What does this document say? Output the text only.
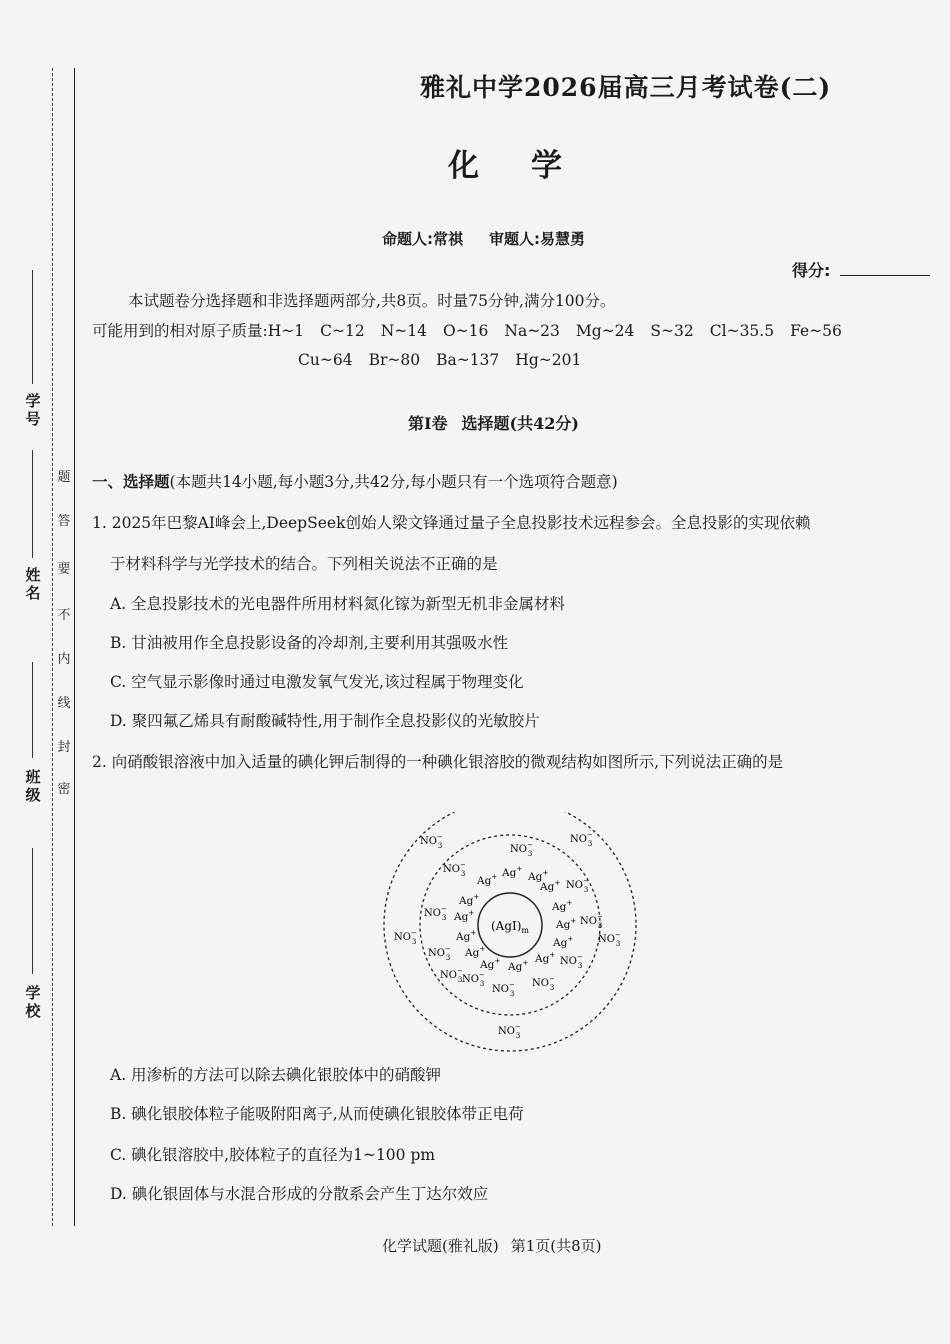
学 校
班 级
姓 名
学 号
密
封
线
内
不
要
答
题
雅礼中学2026届高三月考试卷(二)
化学
命题人:常祺 审题人:易慧勇
得分:
本试题卷分选择题和非选择题两部分,共8页。时量75分钟,满分100分。
可能用到的相对原子质量:H~1 C~12 N~14 O~16 Na~23 Mg~24 S~32 Cl~35.5 Fe~56
Cu~64 Br~80 Ba~137 Hg~201
第Ⅰ卷 选择题(共42分)
一、选择题(本题共14小题,每小题3分,共42分,每小题只有一个选项符合题意)
1. 2025年巴黎AI峰会上,DeepSeek创始人梁文锋通过量子全息投影技术远程参会。全息投影的实现依赖
于材料科学与光学技术的结合。下列相关说法不正确的是
A. 全息投影技术的光电器件所用材料氮化镓为新型无机非金属材料
B. 甘油被用作全息投影设备的冷却剂,主要利用其强吸水性
C. 空气显示影像时通过电激发氧气发光,该过程属于物理变化
D. 聚四氟乙烯具有耐酸碱特性,用于制作全息投影仪的光敏胶片
2. 向硝酸银溶液中加入适量的碘化钾后制得的一种碘化银溶胶的微观结构如图所示,下列说法正确的是
$(AgI)_m$
Ag+ Ag+
Ag+
Ag+
Ag+
Ag+
Ag+
Ag+ Ag+ Ag+
Ag+
Ag+
Ag+
Ag+
NO− 3	NO− 3
NO− 3
NO− 3
NO− 3
NO− 3	NO− 3
NO− 3	NO− 3
NO− 3	NO− 3
NO− 3 NO− 3 NO− 3
NO− 3
NO− 3
A. 用渗析的方法可以除去碘化银胶体中的硝酸钾
B. 碘化银胶体粒子能吸附阳离子,从而使碘化银胶体带正电荷
C. 碘化银溶胶中,胶体粒子的直径为1~100 pm
D. 碘化银固体与水混合形成的分散系会产生丁达尔效应
化学试题(雅礼版) 第1页(共8页)
